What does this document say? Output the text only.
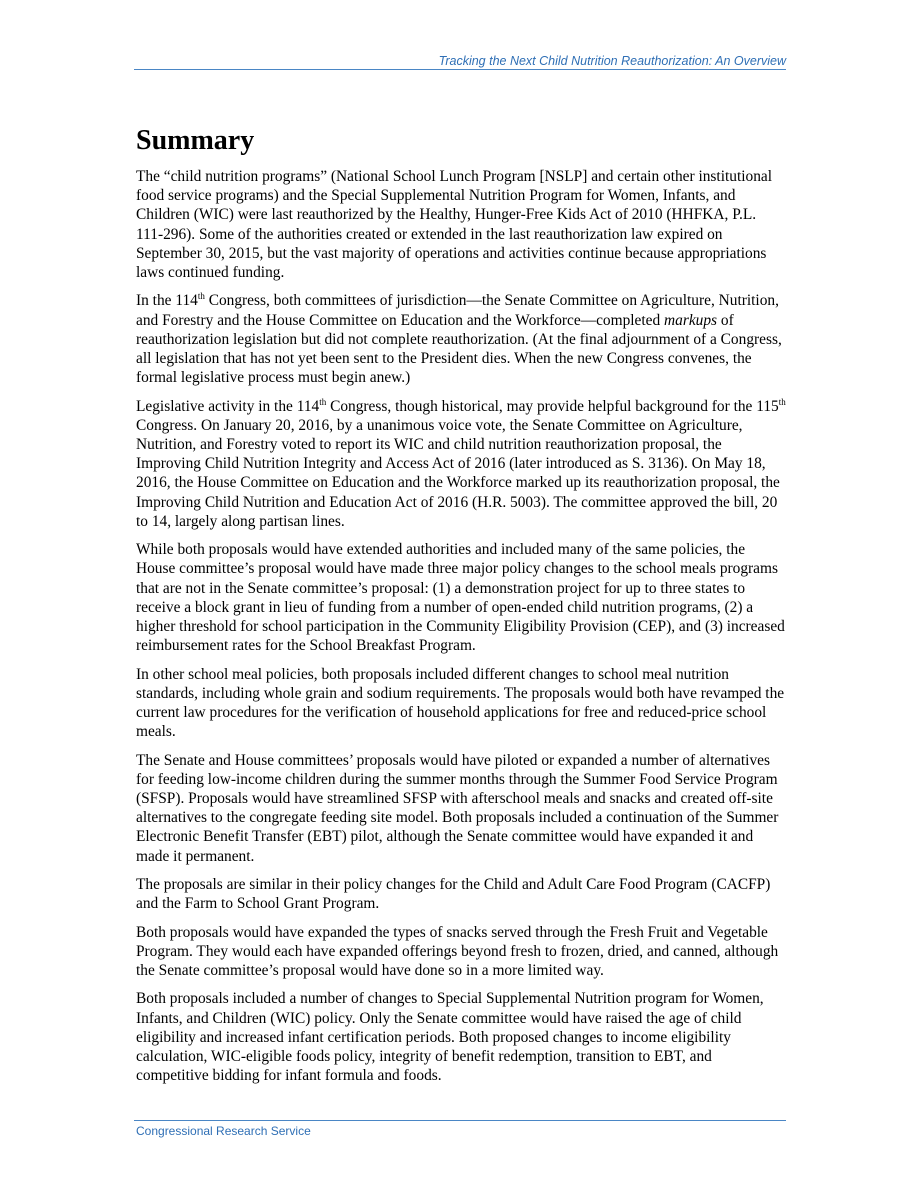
Tracking the Next Child Nutrition Reauthorization: An Overview
Summary

The “child nutrition programs” (National School Lunch Program [NSLP] and certain other institutional food service programs) and the Special Supplemental Nutrition Program for Women, Infants, and Children (WIC) were last reauthorized by the Healthy, Hunger-Free Kids Act of 2010 (HHFKA, P.L. 111-296). Some of the authorities created or extended in the last reauthorization law expired on September 30, 2015, but the vast majority of operations and activities continue because appropriations laws continued funding.

In the 114th Congress, both committees of jurisdiction—the Senate Committee on Agriculture, Nutrition, and Forestry and the House Committee on Education and the Workforce—completed markups of reauthorization legislation but did not complete reauthorization. (At the final adjournment of a Congress, all legislation that has not yet been sent to the President dies. When the new Congress convenes, the formal legislative process must begin anew.)

Legislative activity in the 114th Congress, though historical, may provide helpful background for the 115th Congress. On January 20, 2016, by a unanimous voice vote, the Senate Committee on Agriculture, Nutrition, and Forestry voted to report its WIC and child nutrition reauthorization proposal, the Improving Child Nutrition Integrity and Access Act of 2016 (later introduced as S. 3136). On May 18, 2016, the House Committee on Education and the Workforce marked up its reauthorization proposal, the Improving Child Nutrition and Education Act of 2016 (H.R. 5003). The committee approved the bill, 20 to 14, largely along partisan lines.

While both proposals would have extended authorities and included many of the same policies, the House committee’s proposal would have made three major policy changes to the school meals programs that are not in the Senate committee’s proposal: (1) a demonstration project for up to three states to receive a block grant in lieu of funding from a number of open-ended child nutrition programs, (2) a higher threshold for school participation in the Community Eligibility Provision (CEP), and (3) increased reimbursement rates for the School Breakfast Program.

In other school meal policies, both proposals included different changes to school meal nutrition standards, including whole grain and sodium requirements. The proposals would both have revamped the current law procedures for the verification of household applications for free and reduced-price school meals.

The Senate and House committees’ proposals would have piloted or expanded a number of alternatives for feeding low-income children during the summer months through the Summer Food Service Program (SFSP). Proposals would have streamlined SFSP with afterschool meals and snacks and created off-site alternatives to the congregate feeding site model. Both proposals included a continuation of the Summer Electronic Benefit Transfer (EBT) pilot, although the Senate committee would have expanded it and made it permanent.

The proposals are similar in their policy changes for the Child and Adult Care Food Program (CACFP) and the Farm to School Grant Program.

Both proposals would have expanded the types of snacks served through the Fresh Fruit and Vegetable Program. They would each have expanded offerings beyond fresh to frozen, dried, and canned, although the Senate committee’s proposal would have done so in a more limited way.

Both proposals included a number of changes to Special Supplemental Nutrition program for Women, Infants, and Children (WIC) policy. Only the Senate committee would have raised the age of child eligibility and increased infant certification periods. Both proposed changes to income eligibility calculation, WIC-eligible foods policy, integrity of benefit redemption, transition to EBT, and competitive bidding for infant formula and foods.

Congressional Research Service
